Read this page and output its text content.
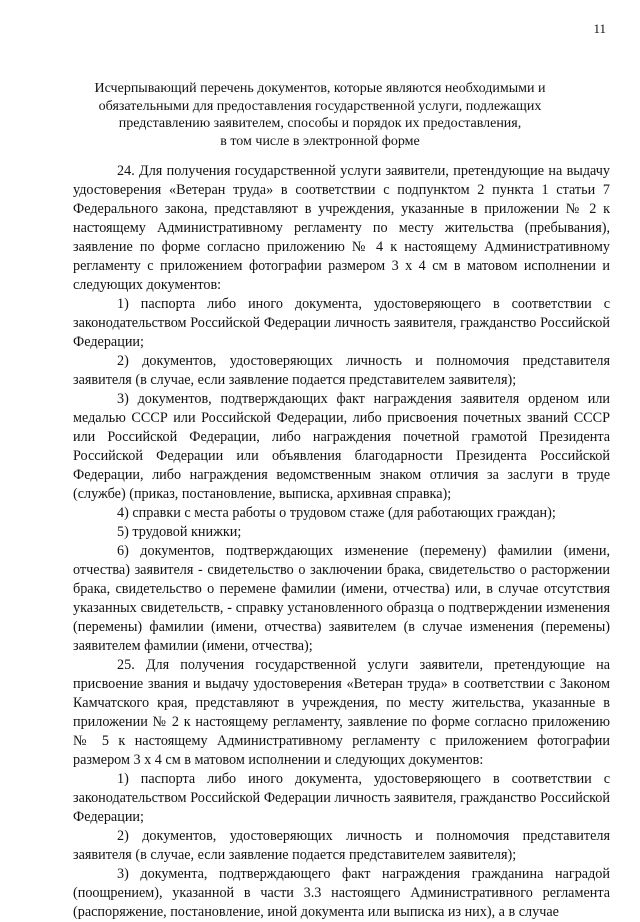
11
Исчерпывающий перечень документов, которые являются необходимыми и
обязательными для предоставления государственной услуги, подлежащих
представлению заявителем, способы и порядок их предоставления,
в том числе в электронной форме

24. Для получения государственной услуги заявители, претендующие на выдачу удостоверения «Ветеран труда» в соответствии с подпунктом 2 пункта 1 статьи 7 Федерального закона, представляют в учреждения, указанные в приложении № 2 к настоящему Административному регламенту по месту жительства (пребывания), заявление по форме согласно приложению № 4 к настоящему Административному регламенту с приложением фотографии размером 3 х 4 см в матовом исполнении и следующих документов:

1) паспорта либо иного документа, удостоверяющего в соответствии с законодательством Российской Федерации личность заявителя, гражданство Российской Федерации;

2) документов, удостоверяющих личность и полномочия представителя заявителя (в случае, если заявление подается представителем заявителя);

3) документов, подтверждающих факт награждения заявителя орденом или медалью СССР или Российской Федерации, либо присвоения почетных званий СССР или Российской Федерации, либо награждения почетной грамотой Президента Российской Федерации или объявления благодарности Президента Российской Федерации, либо награждения ведомственным знаком отличия за заслуги в труде (службе) (приказ, постановление, выписка, архивная справка);

4) справки с места работы о трудовом стаже (для работающих граждан);

5) трудовой книжки;

6) документов, подтверждающих изменение (перемену) фамилии (имени, отчества) заявителя - свидетельство о заключении брака, свидетельство о расторжении брака, свидетельство о перемене фамилии (имени, отчества) или, в случае отсутствия указанных свидетельств, - справку установленного образца о подтверждении изменения (перемены) фамилии (имени, отчества) заявителем (в случае изменения (перемены) заявителем фамилии (имени, отчества);

25. Для получения государственной услуги заявители, претендующие на присвоение звания и выдачу удостоверения «Ветеран труда» в соответствии с Законом Камчатского края, представляют в учреждения, по месту жительства, указанные в приложении № 2 к настоящему регламенту, заявление по форме согласно приложению № 5 к настоящему Административному регламенту с приложением фотографии размером 3 х 4 см в матовом исполнении и следующих документов:

1) паспорта либо иного документа, удостоверяющего в соответствии с законодательством Российской Федерации личность заявителя, гражданство Российской Федерации;

2) документов, удостоверяющих личность и полномочия представителя заявителя (в случае, если заявление подается представителем заявителя);

3) документа, подтверждающего факт награждения гражданина наградой (поощрением), указанной в части 3.3 настоящего Административного регламента (распоряжение, постановление, иной документа или выписка из них), а в случае
